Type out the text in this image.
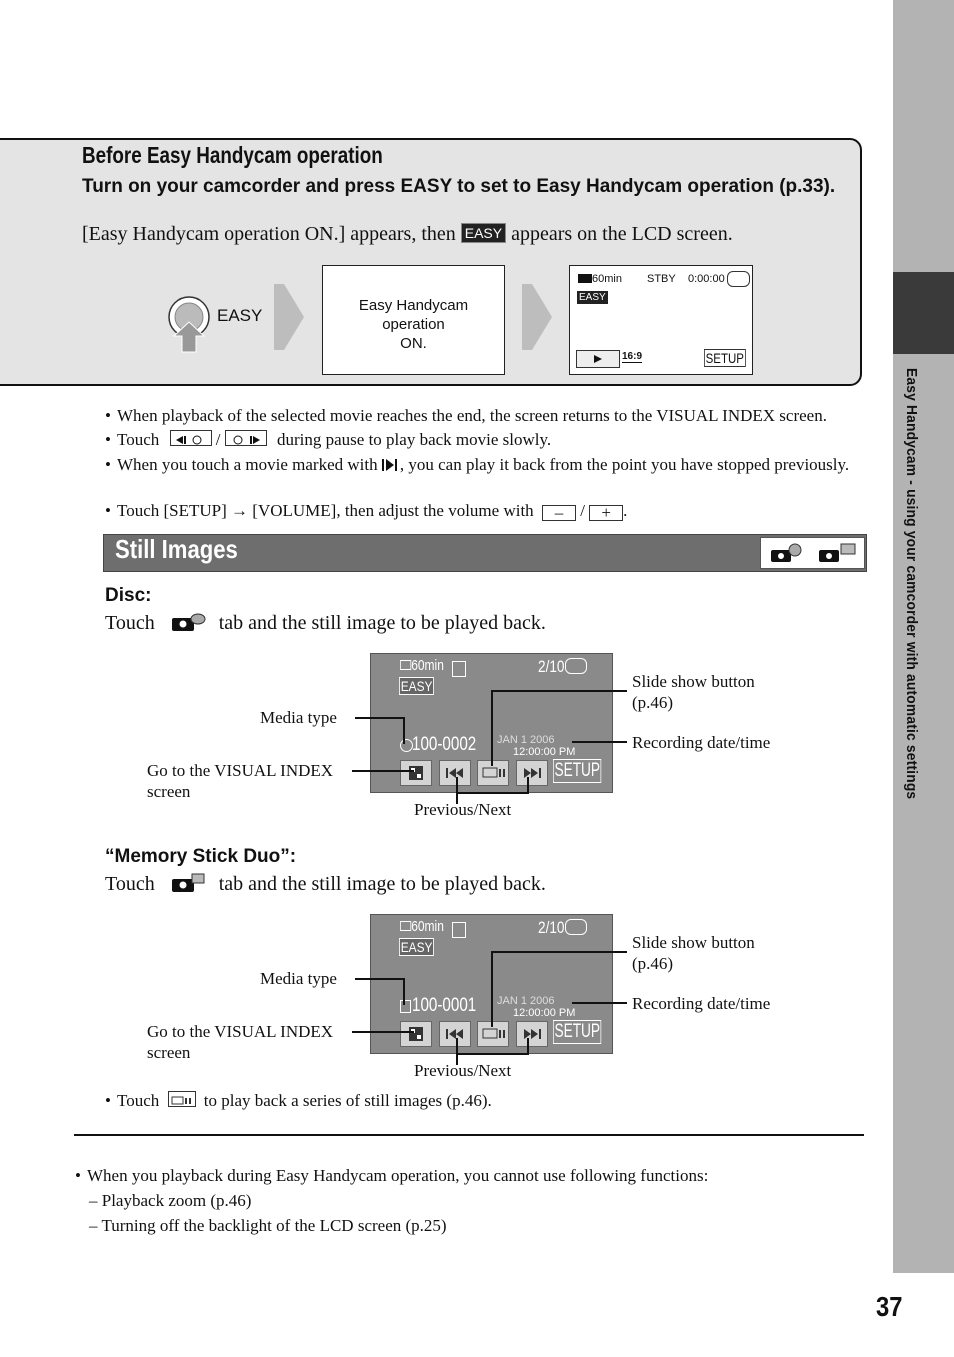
Easy Handycam - using your camcorder with automatic settings
37
Before Easy Handycam operation
Turn on your camcorder and press EASY to set to Easy Handycam operation (p.33).
[Easy Handycam operation ON.] appears, then EASY appears on the LCD screen.
EASY
Easy Handycam
operation
ON.
60min STBY 0:00:00
EASY
16:9	SETUP
• When playback of the selected movie reaches the end, the screen returns to the VISUAL INDEX screen.
• Touch	/	during pause to play back movie slowly.
• When you touch a movie marked with , you can play it back from the point you have stopped previously.
• Touch [SETUP] → [VOLUME], then adjust the volume with – / + .
Still Images
Disc:
Touch	tab and the still image to be played back.
60min	2/10
EASY
100-0002 JAN 1 2006
12:00:00 PM
SETUP
Media type
Go to the VISUAL INDEX
screen
Previous/Next
Slide show button
(p.46)
Recording date/time
“Memory Stick Duo”:
Touch	tab and the still image to be played back.
60min	2/10
EASY
100-0001 JAN 1 2006
12:00:00 PM
SETUP
Media type
Go to the VISUAL INDEX
screen
Previous/Next
Slide show button
(p.46)
Recording date/time
• Touch	to play back a series of still images (p.46).
• When you playback during Easy Handycam operation, you cannot use following functions:
– Playback zoom (p.46)
– Turning off the backlight of the LCD screen (p.25)
